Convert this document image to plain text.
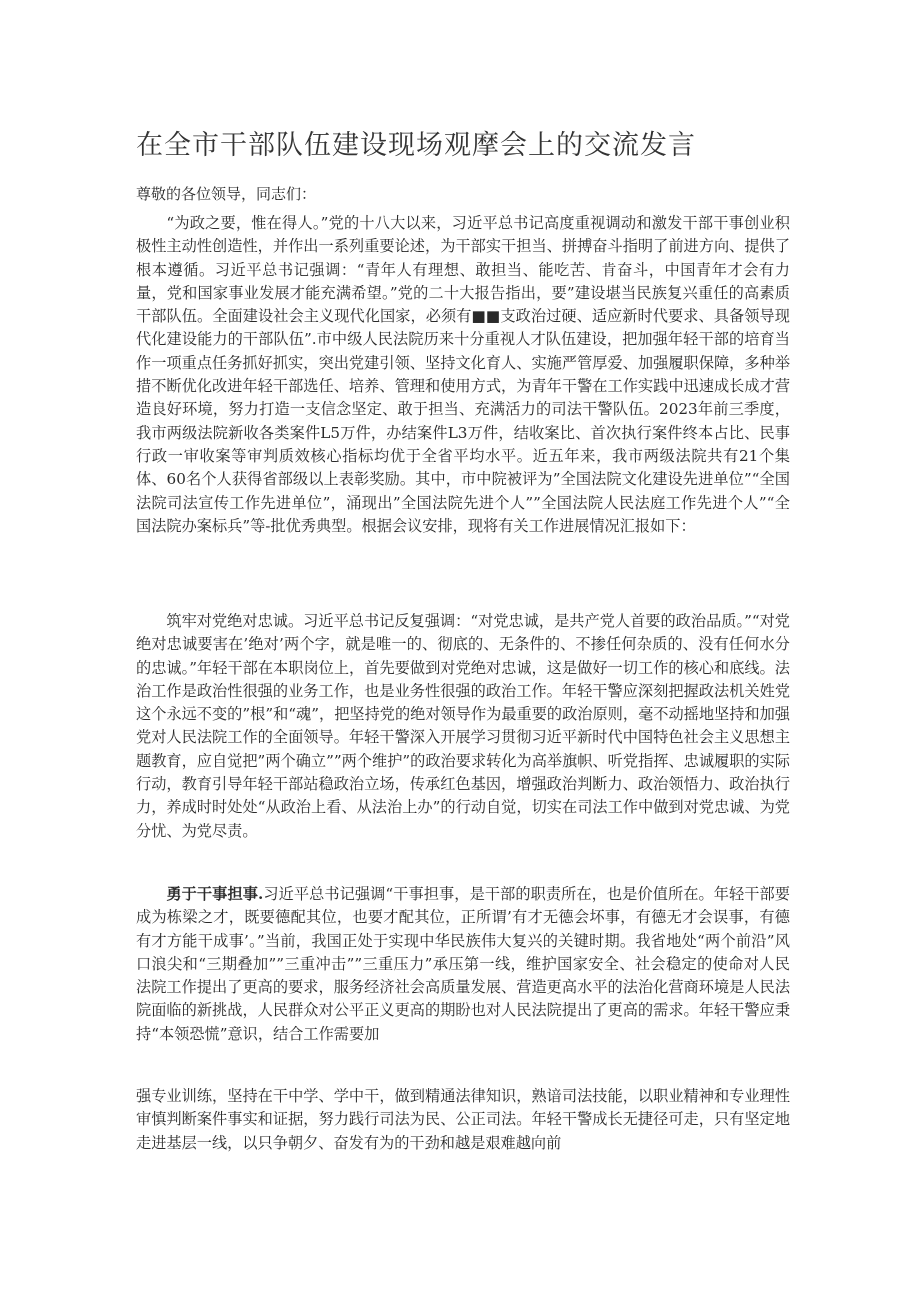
在全市干部队伍建设现场观摩会上的交流发言
尊敬的各位领导，同志们：

“为政之要，惟在得人。”党的十八大以来，习近平总书记高度重视调动和激发干部干事创业积极性主动性创造性，并作出一系列重要论述，为干部实干担当、拼搏奋斗指明了前进方向、提供了根本遵循。习近平总书记强调：“青年人有理想、敢担当、能吃苦、肯奋斗，中国青年才会有力量，党和国家事业发展才能充满希望。”党的二十大报告指出，要”建设堪当民族复兴重任的高素质干部队伍。全面建设社会主义现代化国家，必须有■■支政治过硬、适应新时代要求、具备领导现代化建设能力的干部队伍”.市中级人民法院历来十分重视人才队伍建设，把加强年轻干部的培育当作一项重点任务抓好抓实，突出党建引领、坚持文化育人、实施严管厚爱、加强履职保障，多种举措不断优化改进年轻干部选任、培养、管理和使用方式，为青年干警在工作实践中迅速成长成才营造良好环境，努力打造一支信念坚定、敢于担当、充满活力的司法干警队伍。2023年前三季度，我市两级法院新收各类案件L5万件，办结案件L3万件，结收案比、首次执行案件终本占比、民事行政一审收案等审判质效核心指标均优于全省平均水平。近五年来，我市两级法院共有21个集体、60名个人获得省部级以上表彰奖励。其中，市中院被评为”全国法院文化建设先进单位”“全国法院司法宣传工作先进单位”，涌现出”全国法院先进个人””全国法院人民法庭工作先进个人”“全国法院办案标兵”等-批优秀典型。根据会议安排，现将有关工作进展情况汇报如下：

筑牢对党绝对忠诚。习近平总书记反复强调：“对党忠诚，是共产党人首要的政治品质。”“对党绝对忠诚要害在’绝对’两个字，就是唯一的、彻底的、无条件的、不掺任何杂质的、没有任何水分的忠诚。”年轻干部在本职岗位上，首先要做到对党绝对忠诚，这是做好一切工作的核心和底线。法治工作是政治性很强的业务工作，也是业务性很强的政治工作。年轻干警应深刻把握政法机关姓党这个永远不变的”根”和“魂”，把坚持党的绝对领导作为最重要的政治原则，毫不动摇地坚持和加强党对人民法院工作的全面领导。年轻干警深入开展学习贯彻习近平新时代中国特色社会主义思想主题教育，应自觉把”两个确立””两个维护”的政治要求转化为高举旗帜、听党指挥、忠诚履职的实际行动，教育引导年轻干部站稳政治立场，传承红色基因，增强政治判断力、政治领悟力、政治执行力，养成时时处处“从政治上看、从法治上办”的行动自觉，切实在司法工作中做到对党忠诚、为党分忧、为党尽责。

勇于干事担事.习近平总书记强调“干事担事，是干部的职责所在，也是价值所在。年轻干部要成为栋梁之才，既要德配其位，也要才配其位，正所谓’有才无德会坏事，有德无才会误事，有德有才方能干成事’。”当前，我国正处于实现中华民族伟大复兴的关键时期。我省地处“两个前沿”风口浪尖和“三期叠加””三重冲击””三重压力”承压第一线，维护国家安全、社会稳定的使命对人民法院工作提出了更高的要求，服务经济社会高质量发展、营造更高水平的法治化营商环境是人民法院面临的新挑战，人民群众对公平正义更高的期盼也对人民法院提出了更高的需求。年轻干警应秉持“本领恐慌”意识，结合工作需要加

强专业训练，坚持在干中学、学中干，做到精通法律知识，熟谙司法技能，以职业精神和专业理性审慎判断案件事实和证据，努力践行司法为民、公正司法。年轻干警成长无捷径可走，只有坚定地走进基层一线，以只争朝夕、奋发有为的干劲和越是艰难越向前
